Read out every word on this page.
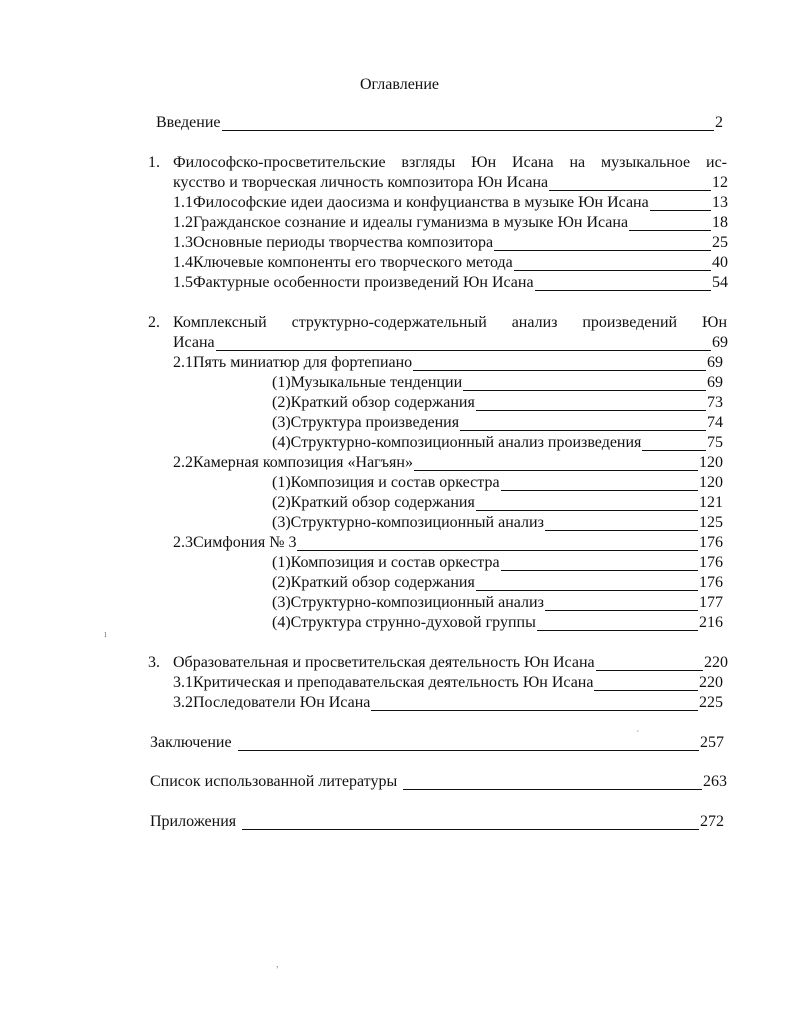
Оглавление
Введение	2
1. Философско-просветительские взгляды Юн Исана на музыкальное ис-
кусство и творческая личность композитора Юн Исана	12
1.1 Философские идеи даосизма и конфуцианства в музыке Юн Исана	13
1.2 Гражданское сознание и идеалы гуманизма в музыке Юн Исана	18
1.3 Основные периоды творчества композитора	25
1.4 Ключевые компоненты его творческого метода	40
1.5 Фактурные особенности произведений Юн Исана	54
2. Комплексный структурно-содержательный анализ произведений Юн
Исана	69
2.1 Пять миниатюр для фортепиано	69
(1) Музыкальные тенденции	69
(2) Краткий обзор содержания	73
(3) Структура произведения	74
(4) Структурно-композиционный анализ произведения	75
2.2 Камерная композиция «Нагъян»	120
(1) Композиция и состав оркестра	120
(2) Краткий обзор содержания	121
(3) Структурно-композиционный анализ	125
2.3 Симфония № 3	176
(1) Композиция и состав оркестра	176
(2) Краткий обзор содержания	176
(3) Структурно-композиционный анализ	177
(4) Структура струнно-духовой группы	216
3. Образовательная и просветительская деятельность Юн Исана	220
3.1 Критическая и преподавательская деятельность Юн Исана	220
3.2 Последователи Юн Исана	225
Заключение	257
Список использованной литературы	263
Приложения	272
ı
´
,
